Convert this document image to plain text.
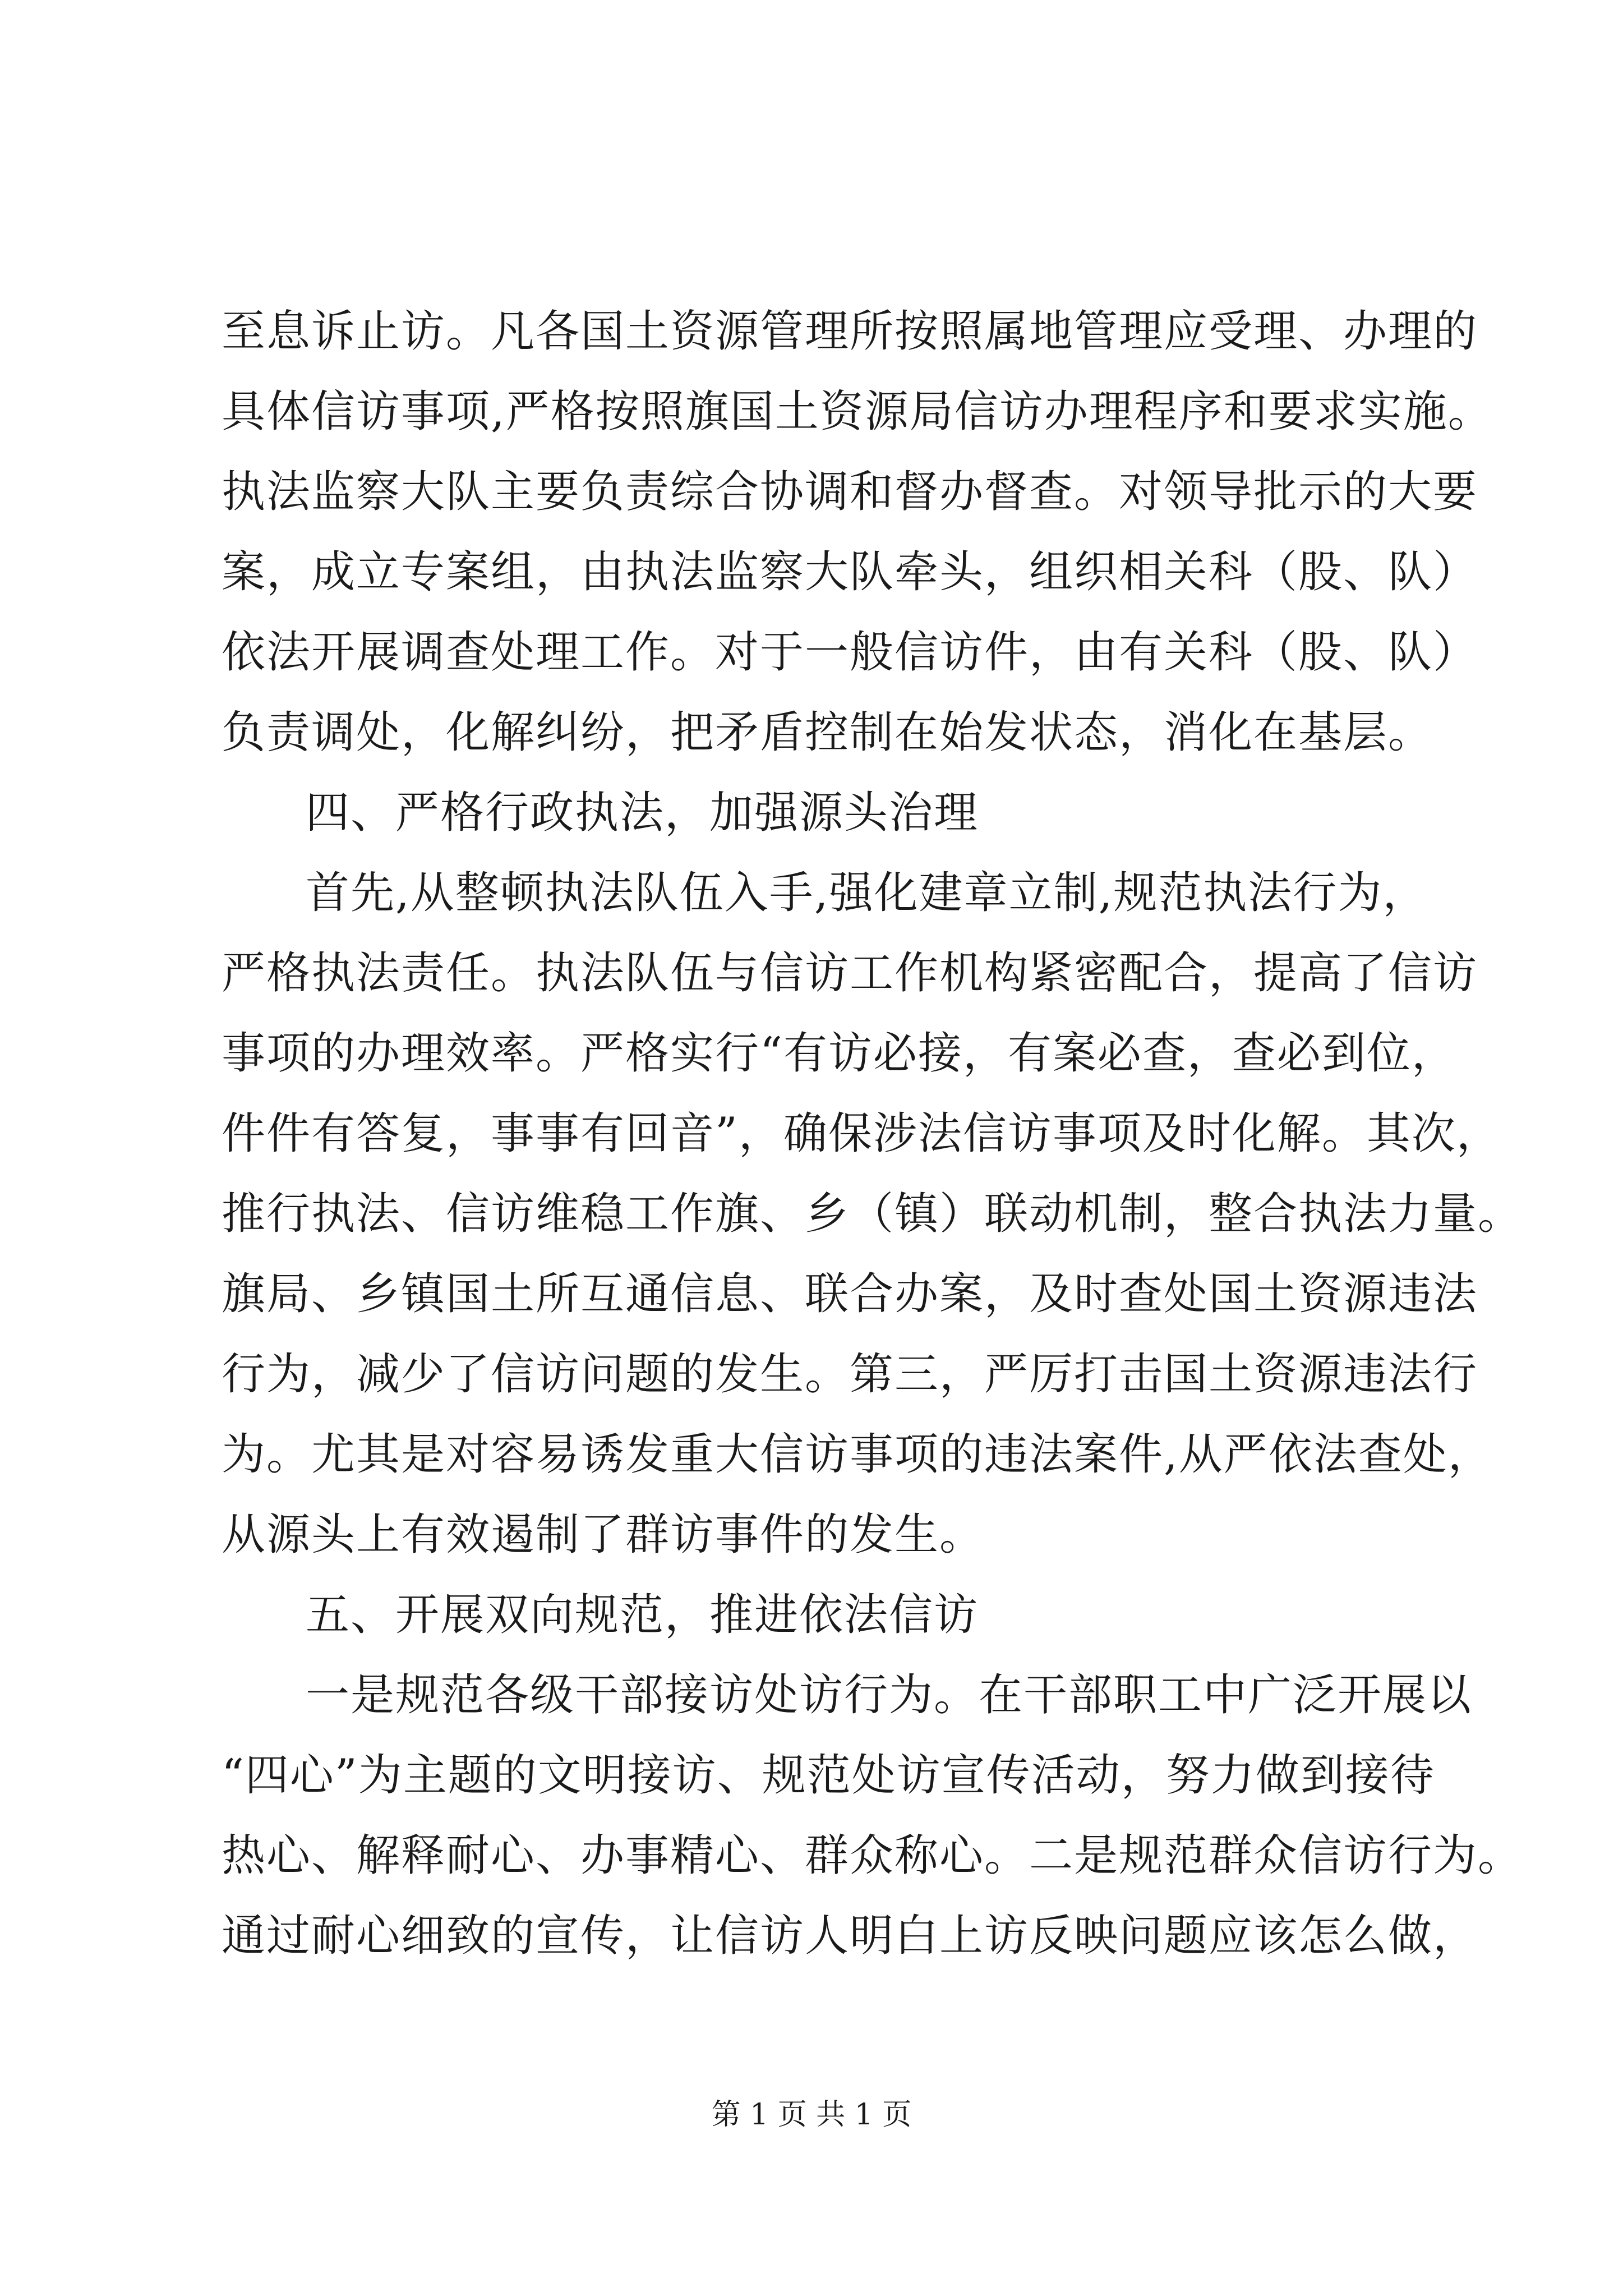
至息诉止访。凡各国土资源管理所按照属地管理应受理、办理的
具体信访事项,严格按照旗国土资源局信访办理程序和要求实施。
执法监察大队主要负责综合协调和督办督查。对领导批示的大要
案，成立专案组，由执法监察大队牵头，组织相关科（股、队）
依法开展调查处理工作。对于一般信访件，由有关科（股、队）
负责调处，化解纠纷，把矛盾控制在始发状态，消化在基层。
四、严格行政执法，加强源头治理
首先,从整顿执法队伍入手,强化建章立制,规范执法行为，
严格执法责任。执法队伍与信访工作机构紧密配合，提高了信访
事项的办理效率。严格实行“有访必接，有案必查，查必到位，
件件有答复，事事有回音”，确保涉法信访事项及时化解。其次，
推行执法、信访维稳工作旗、乡（镇）联动机制，整合执法力量。
旗局、乡镇国土所互通信息、联合办案，及时查处国土资源违法
行为，减少了信访问题的发生。第三，严厉打击国土资源违法行
为。尤其是对容易诱发重大信访事项的违法案件,从严依法查处，
从源头上有效遏制了群访事件的发生。
五、开展双向规范，推进依法信访
一是规范各级干部接访处访行为。在干部职工中广泛开展以
“四心”为主题的文明接访、规范处访宣传活动，努力做到接待
热心、解释耐心、办事精心、群众称心。二是规范群众信访行为。
通过耐心细致的宣传，让信访人明白上访反映问题应该怎么做，
第 1 页 共 1 页
